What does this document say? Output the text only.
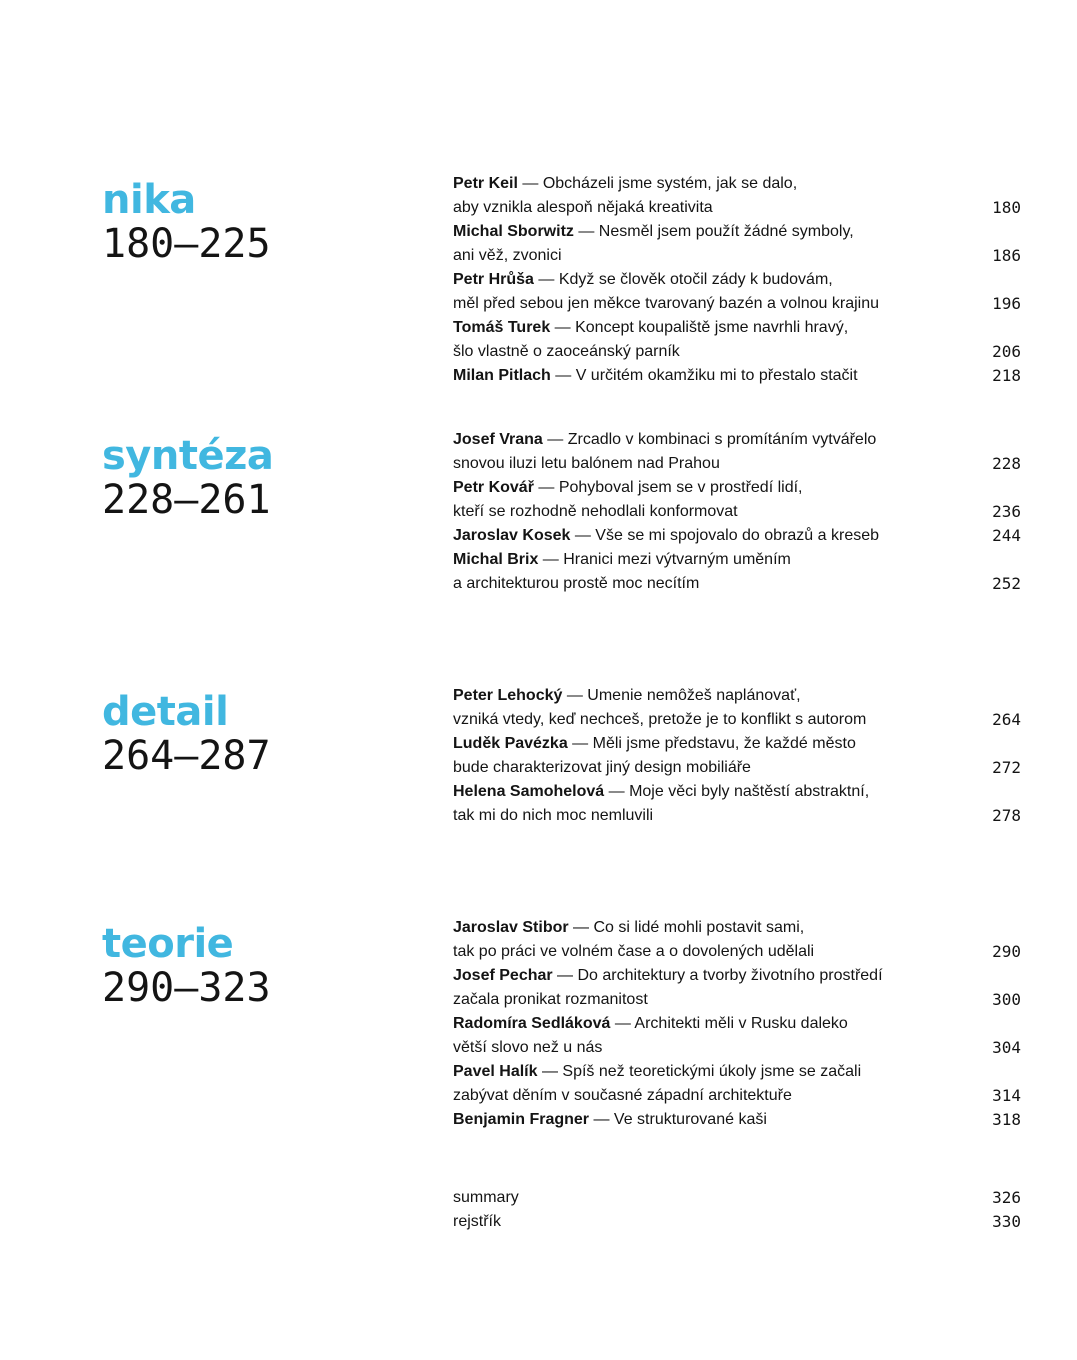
nika
180—225
Petr Keil — Obcházeli jsme systém, jak se dalo,
aby vznikla alespoň nějaká kreativita	180
Michal Sborwitz — Nesměl jsem použít žádné symboly,
ani věž, zvonici	186
Petr Hrůša — Když se člověk otočil zády k budovám,
měl před sebou jen měkce tvarovaný bazén a volnou krajinu	196
Tomáš Turek — Koncept koupaliště jsme navrhli hravý,
šlo vlastně o zaoceánský parník	206
Milan Pitlach — V určitém okamžiku mi to přestalo stačit	218
syntéza
228—261
Josef Vrana — Zrcadlo v kombinaci s promítáním vytvářelo
snovou iluzi letu balónem nad Prahou	228
Petr Kovář — Pohyboval jsem se v prostředí lidí,
kteří se rozhodně nehodlali konformovat	236
Jaroslav Kosek — Vše se mi spojovalo do obrazů a kreseb	244
Michal Brix — Hranici mezi výtvarným uměním
a architekturou prostě moc necítím	252
detail
264—287
Peter Lehocký — Umenie nemôžeš naplánovať,
vzniká vtedy, keď nechceš, pretože je to konflikt s autorom	264
Luděk Pavézka — Měli jsme představu, že každé město
bude charakterizovat jiný design mobiliáře	272
Helena Samohelová — Moje věci byly naštěstí abstraktní,
tak mi do nich moc nemluvili	278
teorie
290—323
Jaroslav Stibor — Co si lidé mohli postavit sami,
tak po práci ve volném čase a o dovolených udělali	290
Josef Pechar — Do architektury a tvorby životního prostředí
začala pronikat rozmanitost	300
Radomíra Sedláková — Architekti měli v Rusku daleko
větší slovo než u nás	304
Pavel Halík — Spíš než teoretickými úkoly jsme se začali
zabývat děním v současné západní architektuře	314
Benjamin Fragner — Ve strukturované kaši	318
summary	326
rejstřík	330
